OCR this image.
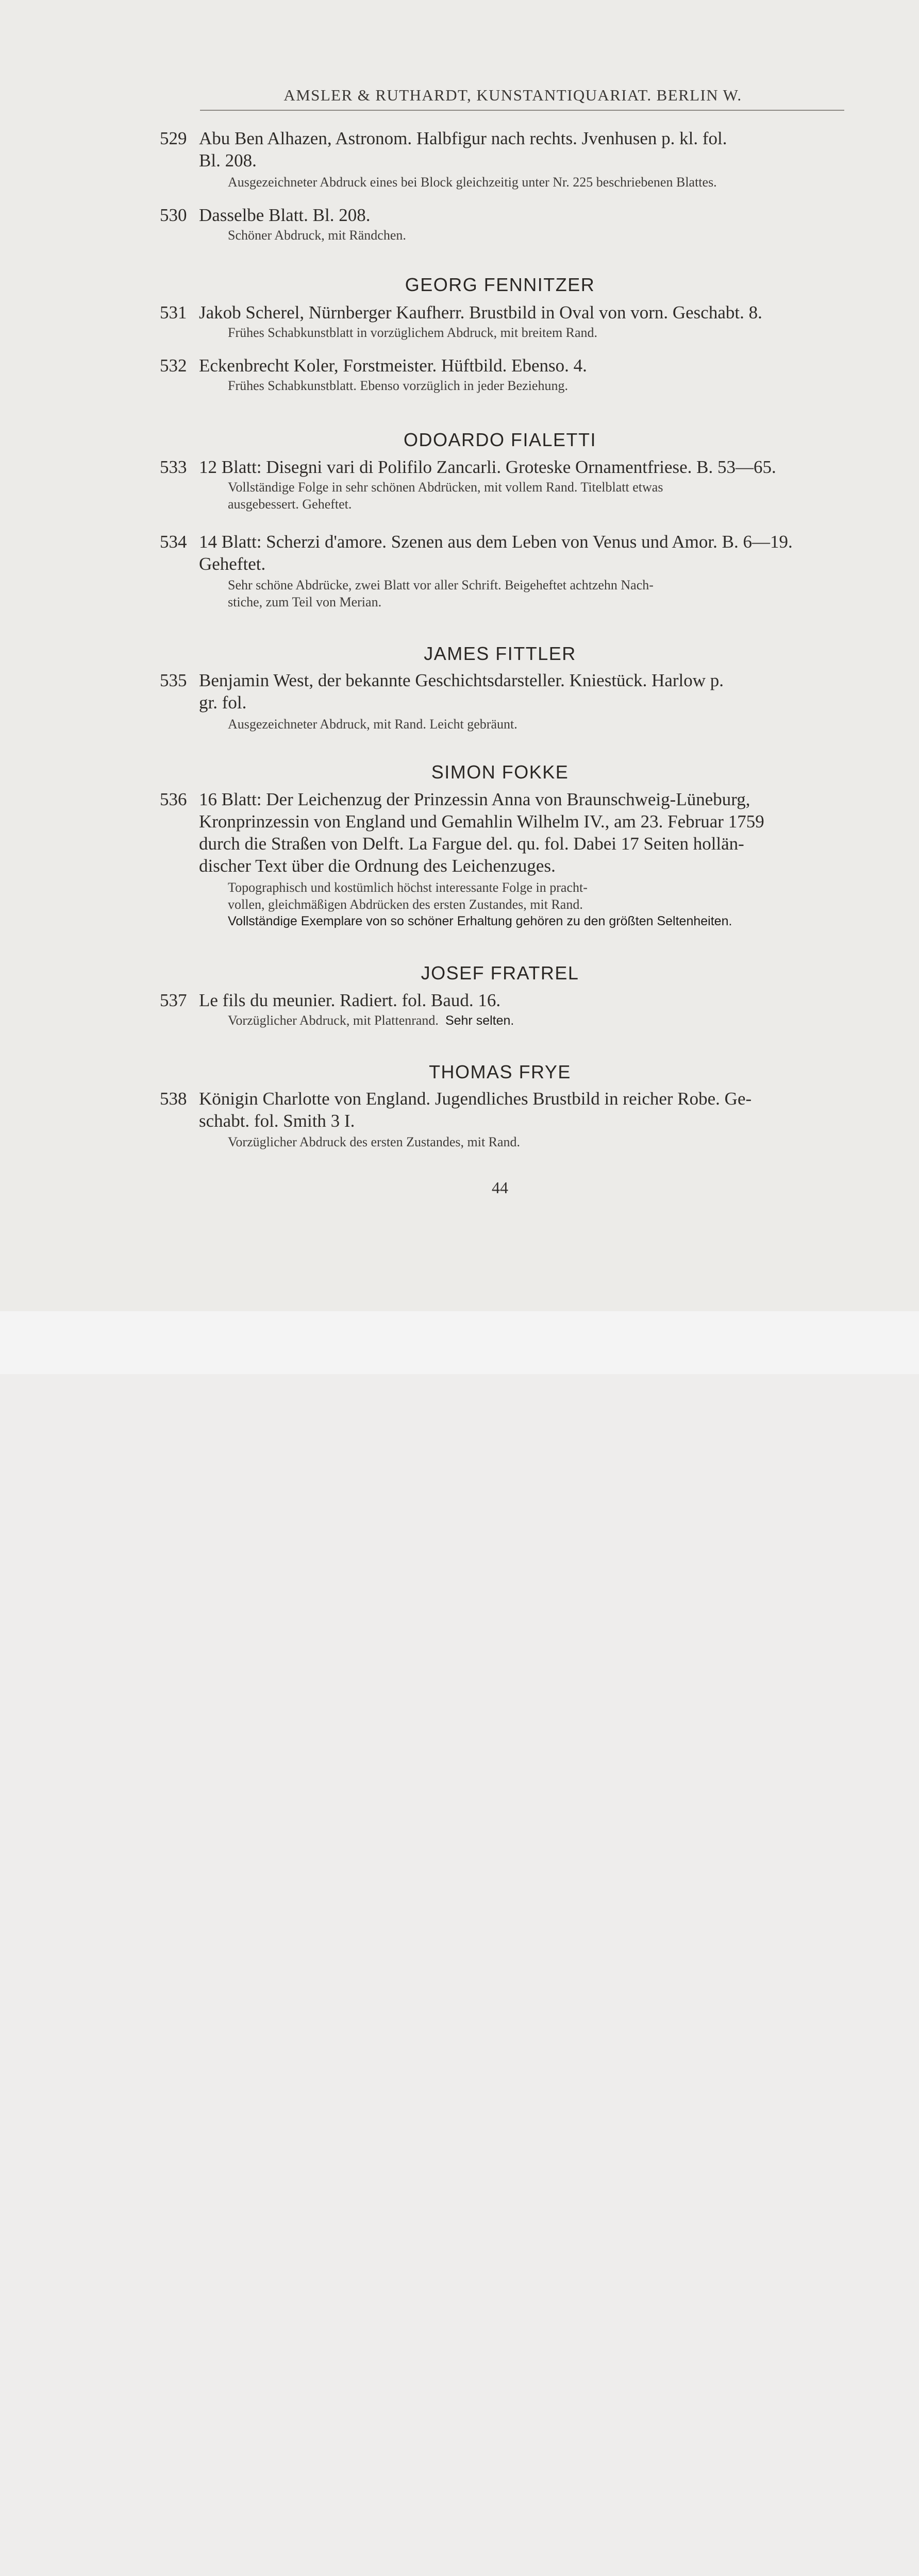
AMSLER & RUTHARDT, KUNSTANTIQUARIAT. BERLIN W.
529 Abu Ben Alhazen, Astronom. Halbfigur nach rechts. Jvenhusen p. kl. fol.
Bl. 208.
Ausgezeichneter Abdruck eines bei Block gleichzeitig unter Nr. 225 beschriebenen Blattes.
530 Dasselbe Blatt. Bl. 208.
Schöner Abdruck, mit Rändchen.
GEORG FENNITZER
531 Jakob Scherel, Nürnberger Kaufherr. Brustbild in Oval von vorn. Geschabt. 8.
Frühes Schabkunstblatt in vorzüglichem Abdruck, mit breitem Rand.
532 Eckenbrecht Koler, Forstmeister. Hüftbild. Ebenso. 4.
Frühes Schabkunstblatt. Ebenso vorzüglich in jeder Beziehung.
ODOARDO FIALETTI
533 12 Blatt: Disegni vari di Polifilo Zancarli. Groteske Ornamentfriese. B. 53—65.
Vollständige Folge in sehr schönen Abdrücken, mit vollem Rand. Titelblatt etwas
ausgebessert. Geheftet.
534 14 Blatt: Scherzi d'amore. Szenen aus dem Leben von Venus und Amor. B. 6—19.
Geheftet.
Sehr schöne Abdrücke, zwei Blatt vor aller Schrift. Beigeheftet achtzehn Nach-
stiche, zum Teil von Merian.
JAMES FITTLER
535 Benjamin West, der bekannte Geschichtsdarsteller. Kniestück. Harlow p.
gr. fol.
Ausgezeichneter Abdruck, mit Rand. Leicht gebräunt.
SIMON FOKKE
536 16 Blatt: Der Leichenzug der Prinzessin Anna von Braunschweig-Lüneburg,
Kronprinzessin von England und Gemahlin Wilhelm IV., am 23. Februar 1759
durch die Straßen von Delft. La Fargue del. qu. fol. Dabei 17 Seiten hollän-
discher Text über die Ordnung des Leichenzuges.
Topographisch und kostümlich höchst interessante Folge in pracht-
vollen, gleichmäßigen Abdrücken des ersten Zustandes, mit Rand.
Vollständige Exemplare von so schöner Erhaltung gehören zu den größten Seltenheiten.
JOSEF FRATREL
537 Le fils du meunier. Radiert. fol. Baud. 16.
Vorzüglicher Abdruck, mit Plattenrand. Sehr selten.
THOMAS FRYE
538 Königin Charlotte von England. Jugendliches Brustbild in reicher Robe. Ge-
schabt. fol. Smith 3 I.
Vorzüglicher Abdruck des ersten Zustandes, mit Rand.
44
